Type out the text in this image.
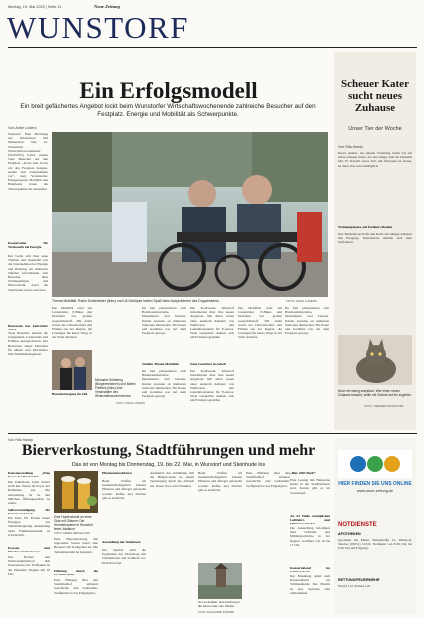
Montag, 19. Mai 2025 | Seite 11	Neue Zeitung
WUNSTORF
Ein Erfolgsmodell
Ein breit gefächertes Angebot lockt beim Wunstorfer Wirtschaftswochenende zahlreiche Besucher auf den Festplatz. Energie und Mobilität als Schwerpunkte.
Von Anke Lüders
Wunstorf. Eine Mischung aus Information und Mitmachen: Das 21. Wunstorfer Wirtschaftswochenende (WuWiWo) lockte wieder viele Besucher auf den Festplatz. „In der Zeit, in der wir den Festplatz belegen, stellen sich Unternehmen vor“, sagt Veranstalter. Energiesparen, Mobilität und Handwerk waren die Schwerpunkte der Aussteller.
Kooperation für Werkstoffe bei Energie
Der breite sich über neue Themen und Aussteller wie die Unternehmen bei Energie und Heizung. An mehreren Ständen informierten sich Besucher über Wärmepumpen und Photovoltaik. Auch die Stadtwerke waren vertreten.
Bauverein hat Fahrräder
Viele Besucher nutzten die Gelegenheit, Lastenräder und E-Bikes auszuprobieren. Der Bauverein zeigte Fahrräder für Mieter und informierte über Mobilitätsangebote.
Thema Mobilität: Robin Schönfelder (links) und Uli Schlüpke haben Spaß beim Ausprobieren des Doppelsitzers.	FOTO: ANKE LÜDERS
Die Mobilität rund um Lastenräder, E-Bikes und Dreiräder bot großen Gesprächsstoff. Mit dabei waren der Umweltschutz und Firmen aus der Region, die Lösungen für kurze Wege in der Stadt anbieten.
Besuchermagnet im Zelt
Michaela Grüttering (Bürgermeisterin) und Martin Pietteck (links) sind Veranstalter des Wirtschaftswochenendes.
FOTO: ANKE LÜDERS
Im Zelt präsentierten sich Handwerksbetriebe, Dienstleister und Vereine. Kinder konnten an mehreren Stationen mitmachen. Für Essen und Getränke war auf dem Festplatz gesorgt.
Stabiles Thema Mobilität
Im Zelt präsentierten sich Handwerksbetriebe, Dienstleister und Vereine. Kinder konnten an mehreren Stationen mitmachen. Für Essen und Getränke war auf dem Festplatz gesorgt.
Die Stadtwerke Wunstorf informierten über ihre neuen Angebote. Mit dabei waren unter anderem Anbieter von Wallboxen und Ladeinfrastruktur für E-Autos. Viele Gespräche drehten sich um Förderprogramme.
Neue Gesichter in Arbeit
Die Stadtwerke Wunstorf informierten über ihre neuen Angebote. Mit dabei waren unter anderem Anbieter von Wallboxen und Ladeinfrastruktur für E-Autos. Viele Gespräche drehten sich um Förderprogramme.
Die Mobilität rund um Lastenräder, E-Bikes und Dreiräder bot großen Gesprächsstoff. Mit dabei waren der Umweltschutz und Firmen aus der Region, die Lösungen für kurze Wege in der Stadt anbieten.
Im Zelt präsentierten sich Handwerksbetriebe, Dienstleister und Vereine. Kinder konnten an mehreren Stationen mitmachen. Für Essen und Getränke war auf dem Festplatz gesorgt.
Scheuer Kater sucht neues Zuhause
Unser Tier der Woche
Von Rita Handy
Kleve Anders. An seinem Vormittag trafen wir auf einen scheuen Kater, der seit einiger Zeit im Tierheim lebt. Er braucht etwas Zeit, um Vertrauen zu fassen, ist dann aber sehr anhänglich.
Wohnungskatze soll Freilauf erhalten
Das Tierheim sucht für den Kater ein ruhiges Zuhause mit Freigang. Interessierte melden sich bitte telefonisch.
Noch ein wenig skeptisch: Wer einen neuen Zuhause braucht, sollte mit Geduld auf ihn zugehen.
FOTO: TIERHEIM WUNSTORF
Von Rita Handy
Bierverkostung, Stadtführungen und mehr
Das ist von Montag bis Donnerstag, 19. bis 22. Mai, in Wunstorf und Steinhude los
Kunstausstellung „Eine
Die Künstlerin Leila Sulzer stellt ihre Werke im Foyer des Rathauses aus. Die Ausstellung ist zu den üblichen Öffnungszeiten zu sehen.
Selbstverteidigung für
Ein Kurs für Frauen bietet Übungen zur Selbstbehauptung. Anmeldung beim Familienzentrum ist erforderlich.
Fressen- und
Das Fischer- und Wiedersammlerbad lädt Interessierte ein. Treffpunkt ist am Parkplatz, Beginn um 10 Uhr.
Eine Hopfendolde an einer Glas mit Gläsern: Die Heimatbrauerei in Wunstorf feiert Jubiläum.
FOTO: ARMIN WEIGEL/DPA
Eine Bierverkostung mit regionalen Sorten bietet eine Brauerei im Stadtgebiet an. Die Teilnehmerzahl ist begrenzt.
Führung durch die
Eine Führung über den Stadtfriedhof erläutert Geschichte und Grabkultur. Treffpunkt ist das Eingangstor.
Pflanzentauschbörse
Beim Treffen im Gemeinschaftsgarten können Pflanzen und Ableger getauscht werden. Kaffee und Kuchen gibt es ebenfalls.
Ausstellung der Initiativen
Der Stadtrat stellt die Ergebnisse des Workshops mit Schülerinnen und Schülern vor. Eintritt ist frei.
Anlässlich des Jubiläums lädt der Bürgerverein zu einem Spaziergang durch die Altstadt ein. Dauer etwa zwei Stunden.
Beim Treffen im Gemeinschaftsgarten können Pflanzen und Ableger getauscht werden. Kaffee und Kuchen gibt es ebenfalls.
Um so dunkler: eine Führung in die Ferne oder zum Kloster.
FOTO: ALEXANDER KÖRNER
Eine Führung über den Stadtfriedhof erläutert Geschichte und Grabkultur. Treffpunkt ist das Eingangstor.
„Bier trifft Buch“
Eine Lesung mit Bierprobe findet in der Stadtbücherei statt. Karten gibt es im Vorverkauf.
An 63 Halle ermöglichen Luftfahrt- und
Die Ausstellung informiert über Luftfahrt und Militärgeschichte in der Region. Geöffnet von 10 bis 17 Uhr.
Konzertabend im
Der Musikzug spielt zum Konzertabend im Schützenheim. Der Eintritt ist frei, Spenden sind willkommen.
HIER FINDEN SIE UNS ONLINE
www.neue-zeitung.de
NOTDIENSTE
APOTHEKEN
Apotheke am Markt, Marktstraße 12, Wunstorf, Telefon (05031) 12345. Notdienst von 8.30 Uhr bis 8.30 Uhr am Folgetag.
RETTUNG/FEUERWEHR
Notruf 112, Polizei 110.
